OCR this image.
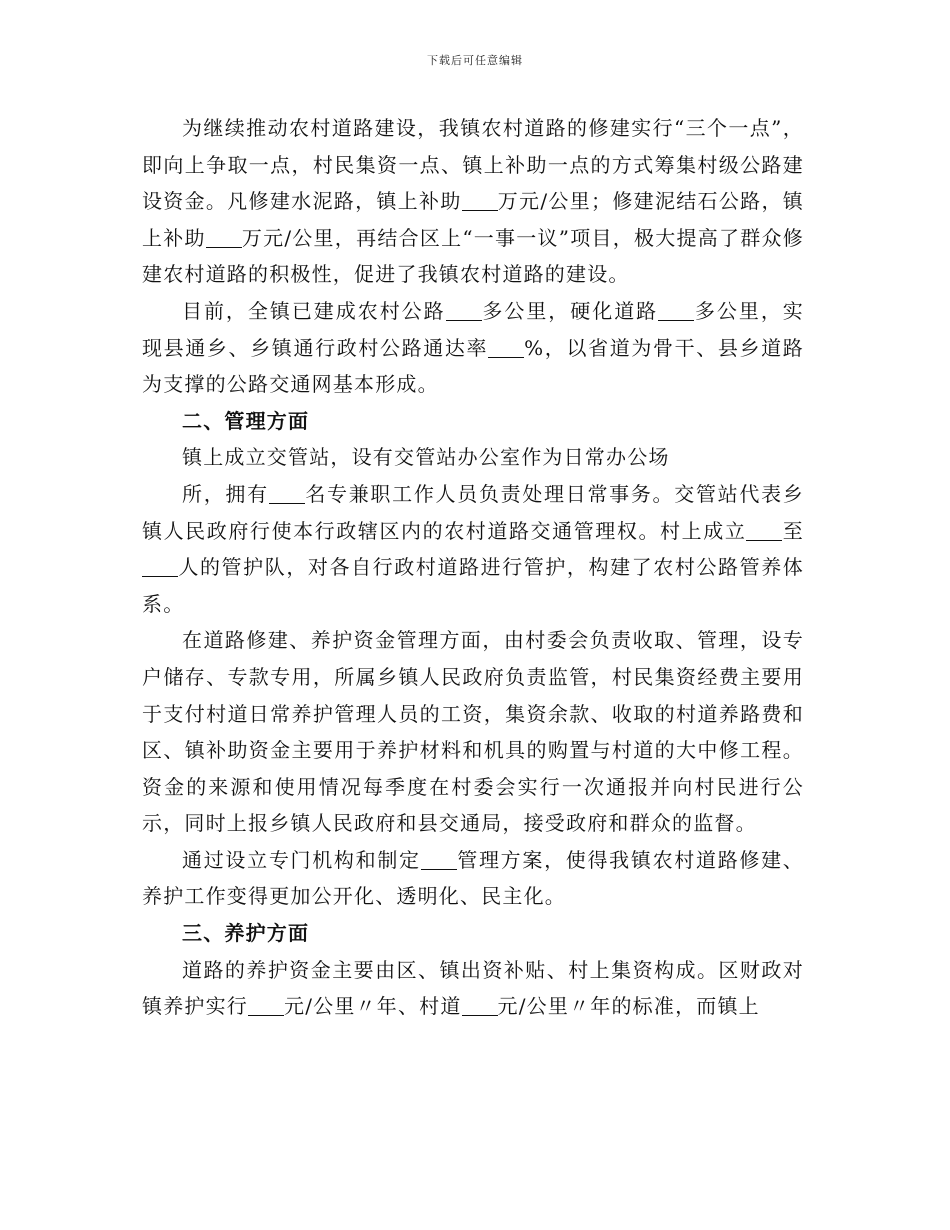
下载后可任意编辑

为继续推动农村道路建设，我镇农村道路的修建实行“三个一点”，即向上争取一点，村民集资一点、镇上补助一点的方式筹集村级公路建设资金。凡修建水泥路，镇上补助 万元/公里；修建泥结石公路，镇上补助 万元/公里，再结合区上“一事一议”项目，极大提高了群众修建农村道路的积极性，促进了我镇农村道路的建设。

目前，全镇已建成农村公路 多公里，硬化道路 多公里，实现县通乡、乡镇通行政村公路通达率 %，以省道为骨干、县乡道路为支撑的公路交通网基本形成。

二、管理方面

镇上成立交管站，设有交管站办公室作为日常办公场

所，拥有 名专兼职工作人员负责处理日常事务。交管站代表乡镇人民政府行使本行政辖区内的农村道路交通管理权。村上成立 至人的管护队，对各自行政村道路进行管护，构建了农村公路管养体系。

在道路修建、养护资金管理方面，由村委会负责收取、管理，设专户储存、专款专用，所属乡镇人民政府负责监管，村民集资经费主要用于支付村道日常养护管理人员的工资，集资余款、收取的村道养路费和区、镇补助资金主要用于养护材料和机具的购置与村道的大中修工程。资金的来源和使用情况每季度在村委会实行一次通报并向村民进行公示，同时上报乡镇人民政府和县交通局，接受政府和群众的监督。

通过设立专门机构和制定 管理方案，使得我镇农村道路修建、养护工作变得更加公开化、透明化、民主化。

三、养护方面

道路的养护资金主要由区、镇出资补贴、村上集资构成。区财政对镇养护实行 元/公里〃年、村道 元/公里〃年的标准，而镇上
